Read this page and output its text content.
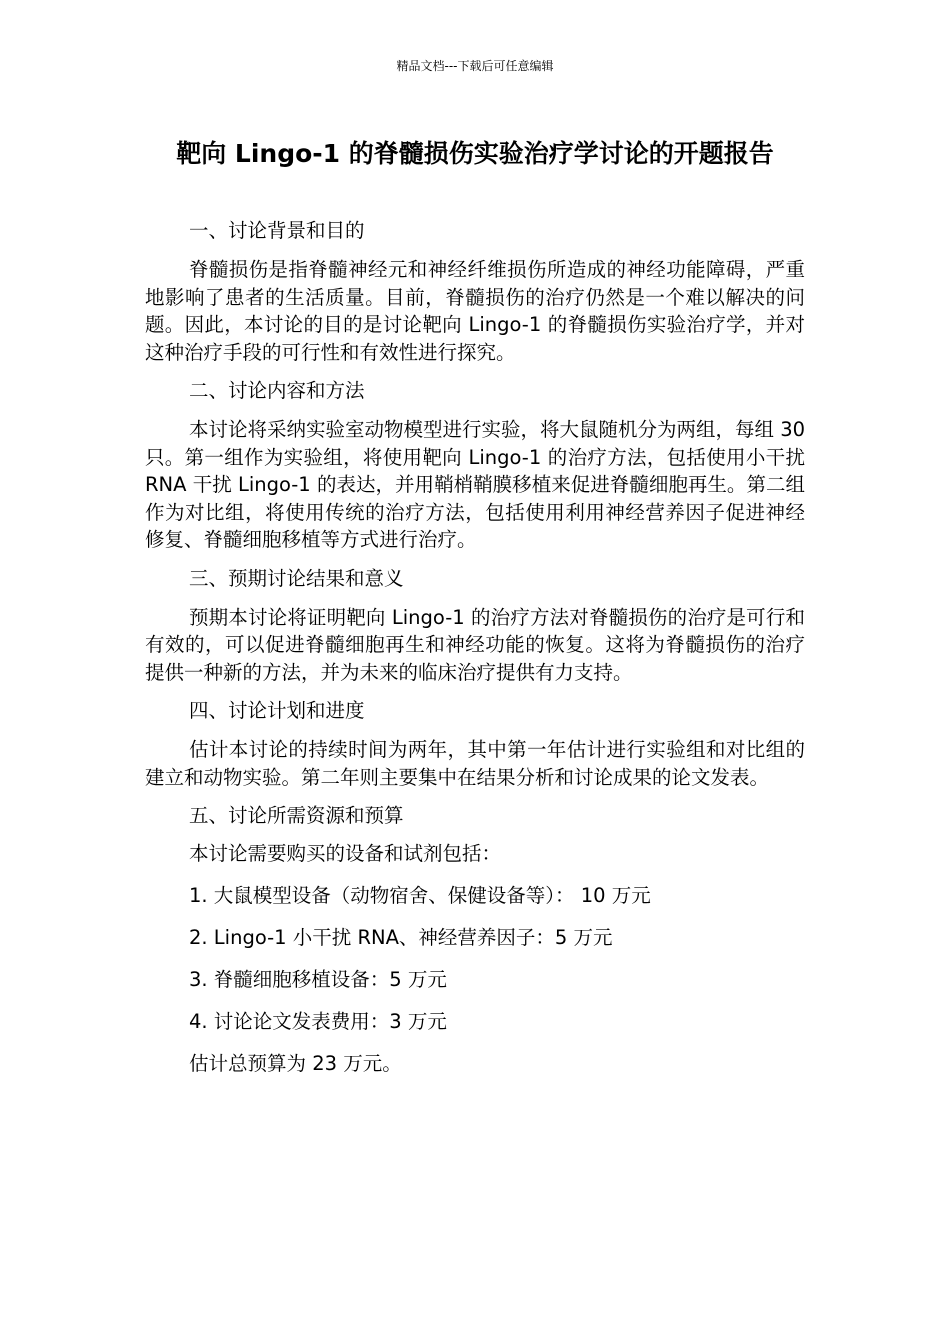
精品文档---下载后可任意编辑
靶向 Lingo-1 的脊髓损伤实验治疗学讨论的开题报告

一、讨论背景和目的

脊髓损伤是指脊髓神经元和神经纤维损伤所造成的神经功能障碍，严重地影响了患者的生活质量。目前，脊髓损伤的治疗仍然是一个难以解决的问题。因此，本讨论的目的是讨论靶向 Lingo-1 的脊髓损伤实验治疗学，并对这种治疗手段的可行性和有效性进行探究。

二、讨论内容和方法

本讨论将采纳实验室动物模型进行实验，将大鼠随机分为两组，每组 30 只。第一组作为实验组，将使用靶向 Lingo-1 的治疗方法，包括使用小干扰 RNA 干扰 Lingo-1 的表达，并用鞘梢鞘膜移植来促进脊髓细胞再生。第二组作为对比组，将使用传统的治疗方法，包括使用利用神经营养因子促进神经修复、脊髓细胞移植等方式进行治疗。

三、预期讨论结果和意义

预期本讨论将证明靶向 Lingo-1 的治疗方法对脊髓损伤的治疗是可行和有效的，可以促进脊髓细胞再生和神经功能的恢复。这将为脊髓损伤的治疗提供一种新的方法，并为未来的临床治疗提供有力支持。

四、讨论计划和进度

估计本讨论的持续时间为两年，其中第一年估计进行实验组和对比组的建立和动物实验。第二年则主要集中在结果分析和讨论成果的论文发表。

五、讨论所需资源和预算

本讨论需要购买的设备和试剂包括：

1. 大鼠模型设备（动物宿舍、保健设备等）： 10 万元

2. Lingo-1 小干扰 RNA、神经营养因子：5 万元

3. 脊髓细胞移植设备：5 万元

4. 讨论论文发表费用：3 万元

估计总预算为 23 万元。
